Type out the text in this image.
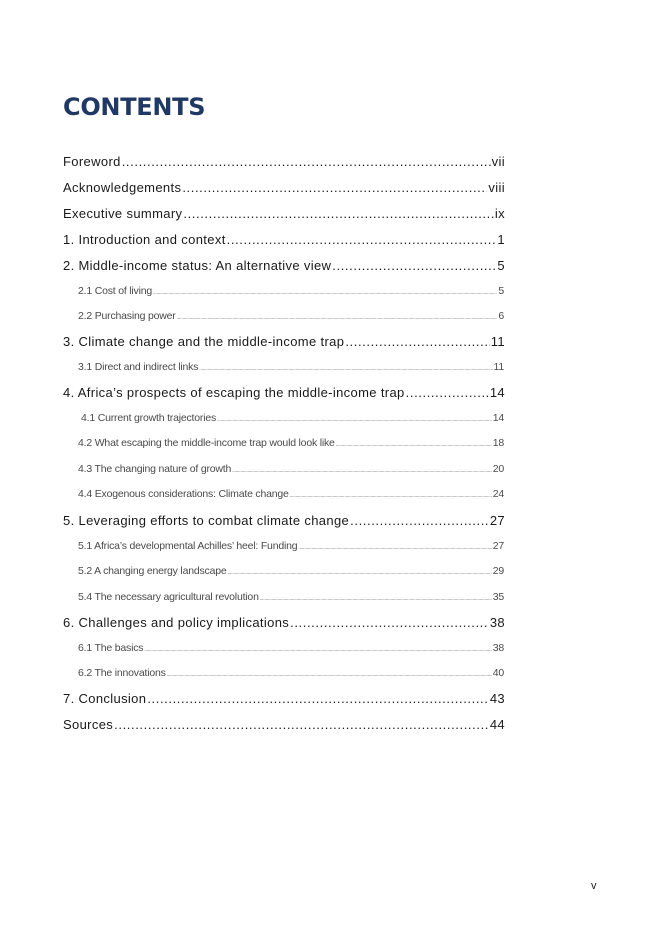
CONTENTS
Foreword .....	vii
Acknowledgements .....	viii
Executive summary .....	ix
1. Introduction and context .....	1
2. Middle-income status: An alternative view .....	5
2.1 Cost of living .....	5
2.2 Purchasing power .....	6
3. Climate change and the middle-income trap .....	11
3.1 Direct and indirect links .....	11
4. Africa’s prospects of escaping the middle-income trap .....	14
4.1 Current growth trajectories .....	14
4.2 What escaping the middle-income trap would look like .....	18
4.3 The changing nature of growth .....	20
4.4 Exogenous considerations: Climate change .....	24
5. Leveraging efforts to combat climate change .....	27
5.1 Africa’s developmental Achilles’ heel: Funding .....	27
5.2 A changing energy landscape .....	29
5.4 The necessary agricultural revolution .....	35
6. Challenges and policy implications .....	38
6.1 The basics .....	38
6.2 The innovations .....	40
7. Conclusion .....	43
Sources .....	44
v
